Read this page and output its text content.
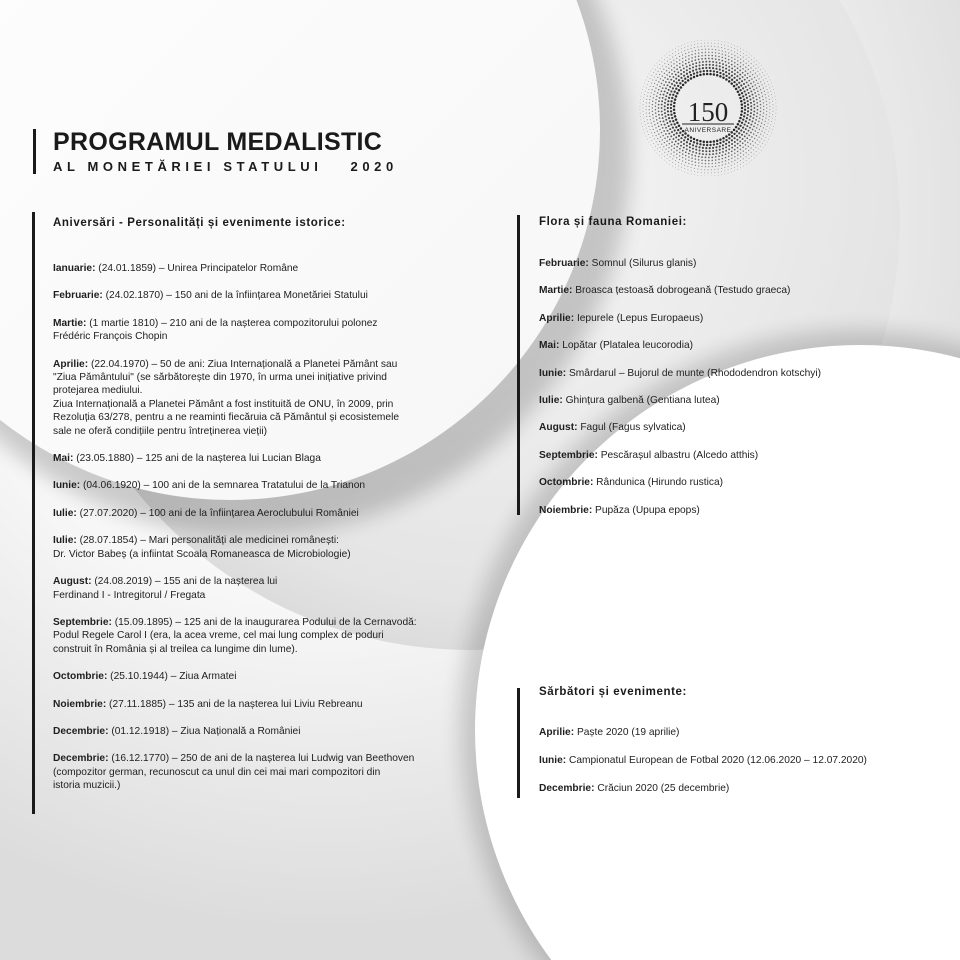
PROGRAMUL MEDALISTIC
AL MONETĂRIEI STATULUI 2020
150
ANIVERSARE
Aniversări - Personalități și evenimente istorice:
Ianuarie: (24.01.1859) – Unirea Principatelor Române
Februarie: (24.02.1870) – 150 ani de la înființarea Monetăriei Statului
Martie: (1 martie 1810) – 210 ani de la nașterea compozitorului polonez
Frédéric François Chopin
Aprilie: (22.04.1970) – 50 de ani: Ziua Internațională a Planetei Pământ sau
"Ziua Pământului" (se sărbătorește din 1970, în urma unei inițiative privind
protejarea mediului.
Ziua Internațională a Planetei Pământ a fost instituită de ONU, în 2009, prin
Rezoluția 63/278, pentru a ne reaminti fiecăruia că Pământul și ecosistemele
sale ne oferă condițiile pentru întreținerea vieții)
Mai: (23.05.1880) – 125 ani de la nașterea lui Lucian Blaga
Iunie: (04.06.1920) – 100 ani de la semnarea Tratatului de la Trianon
Iulie: (27.07.2020) – 100 ani de la înființarea Aeroclubului României
Iulie: (28.07.1854) – Mari personalități ale medicinei românești:
Dr. Victor Babeș (a infiintat Scoala Romaneasca de Microbiologie)
August: (24.08.2019) – 155 ani de la nașterea lui
Ferdinand I - Intregitorul / Fregata
Septembrie: (15.09.1895) – 125 ani de la inaugurarea Podului de la Cernavodă:
Podul Regele Carol I (era, la acea vreme, cel mai lung complex de poduri
construit în România și al treilea ca lungime din lume).
Octombrie: (25.10.1944) – Ziua Armatei
Noiembrie: (27.11.1885) – 135 ani de la nașterea lui Liviu Rebreanu
Decembrie: (01.12.1918) – Ziua Națională a României
Decembrie: (16.12.1770) – 250 de ani de la nașterea lui Ludwig van Beethoven
(compozitor german, recunoscut ca unul din cei mai mari compozitori din
istoria muzicii.)
Flora și fauna Romaniei:
Februarie: Somnul (Silurus glanis)
Martie: Broasca țestoasă dobrogeană (Testudo graeca)
Aprilie: Iepurele (Lepus Europaeus)
Mai: Lopătar (Platalea leucorodia)
Iunie: Smârdarul – Bujorul de munte (Rhododendron kotschyi)
Iulie: Ghințura galbenă (Gentiana lutea)
August: Fagul (Fagus sylvatica)
Septembrie: Pescărașul albastru (Alcedo atthis)
Octombrie: Rândunica (Hirundo rustica)
Noiembrie: Pupăza (Upupa epops)
Sărbători și evenimente:
Aprilie: Paște 2020 (19 aprilie)
Iunie: Campionatul European de Fotbal 2020 (12.06.2020 – 12.07.2020)
Decembrie: Crăciun 2020 (25 decembrie)
